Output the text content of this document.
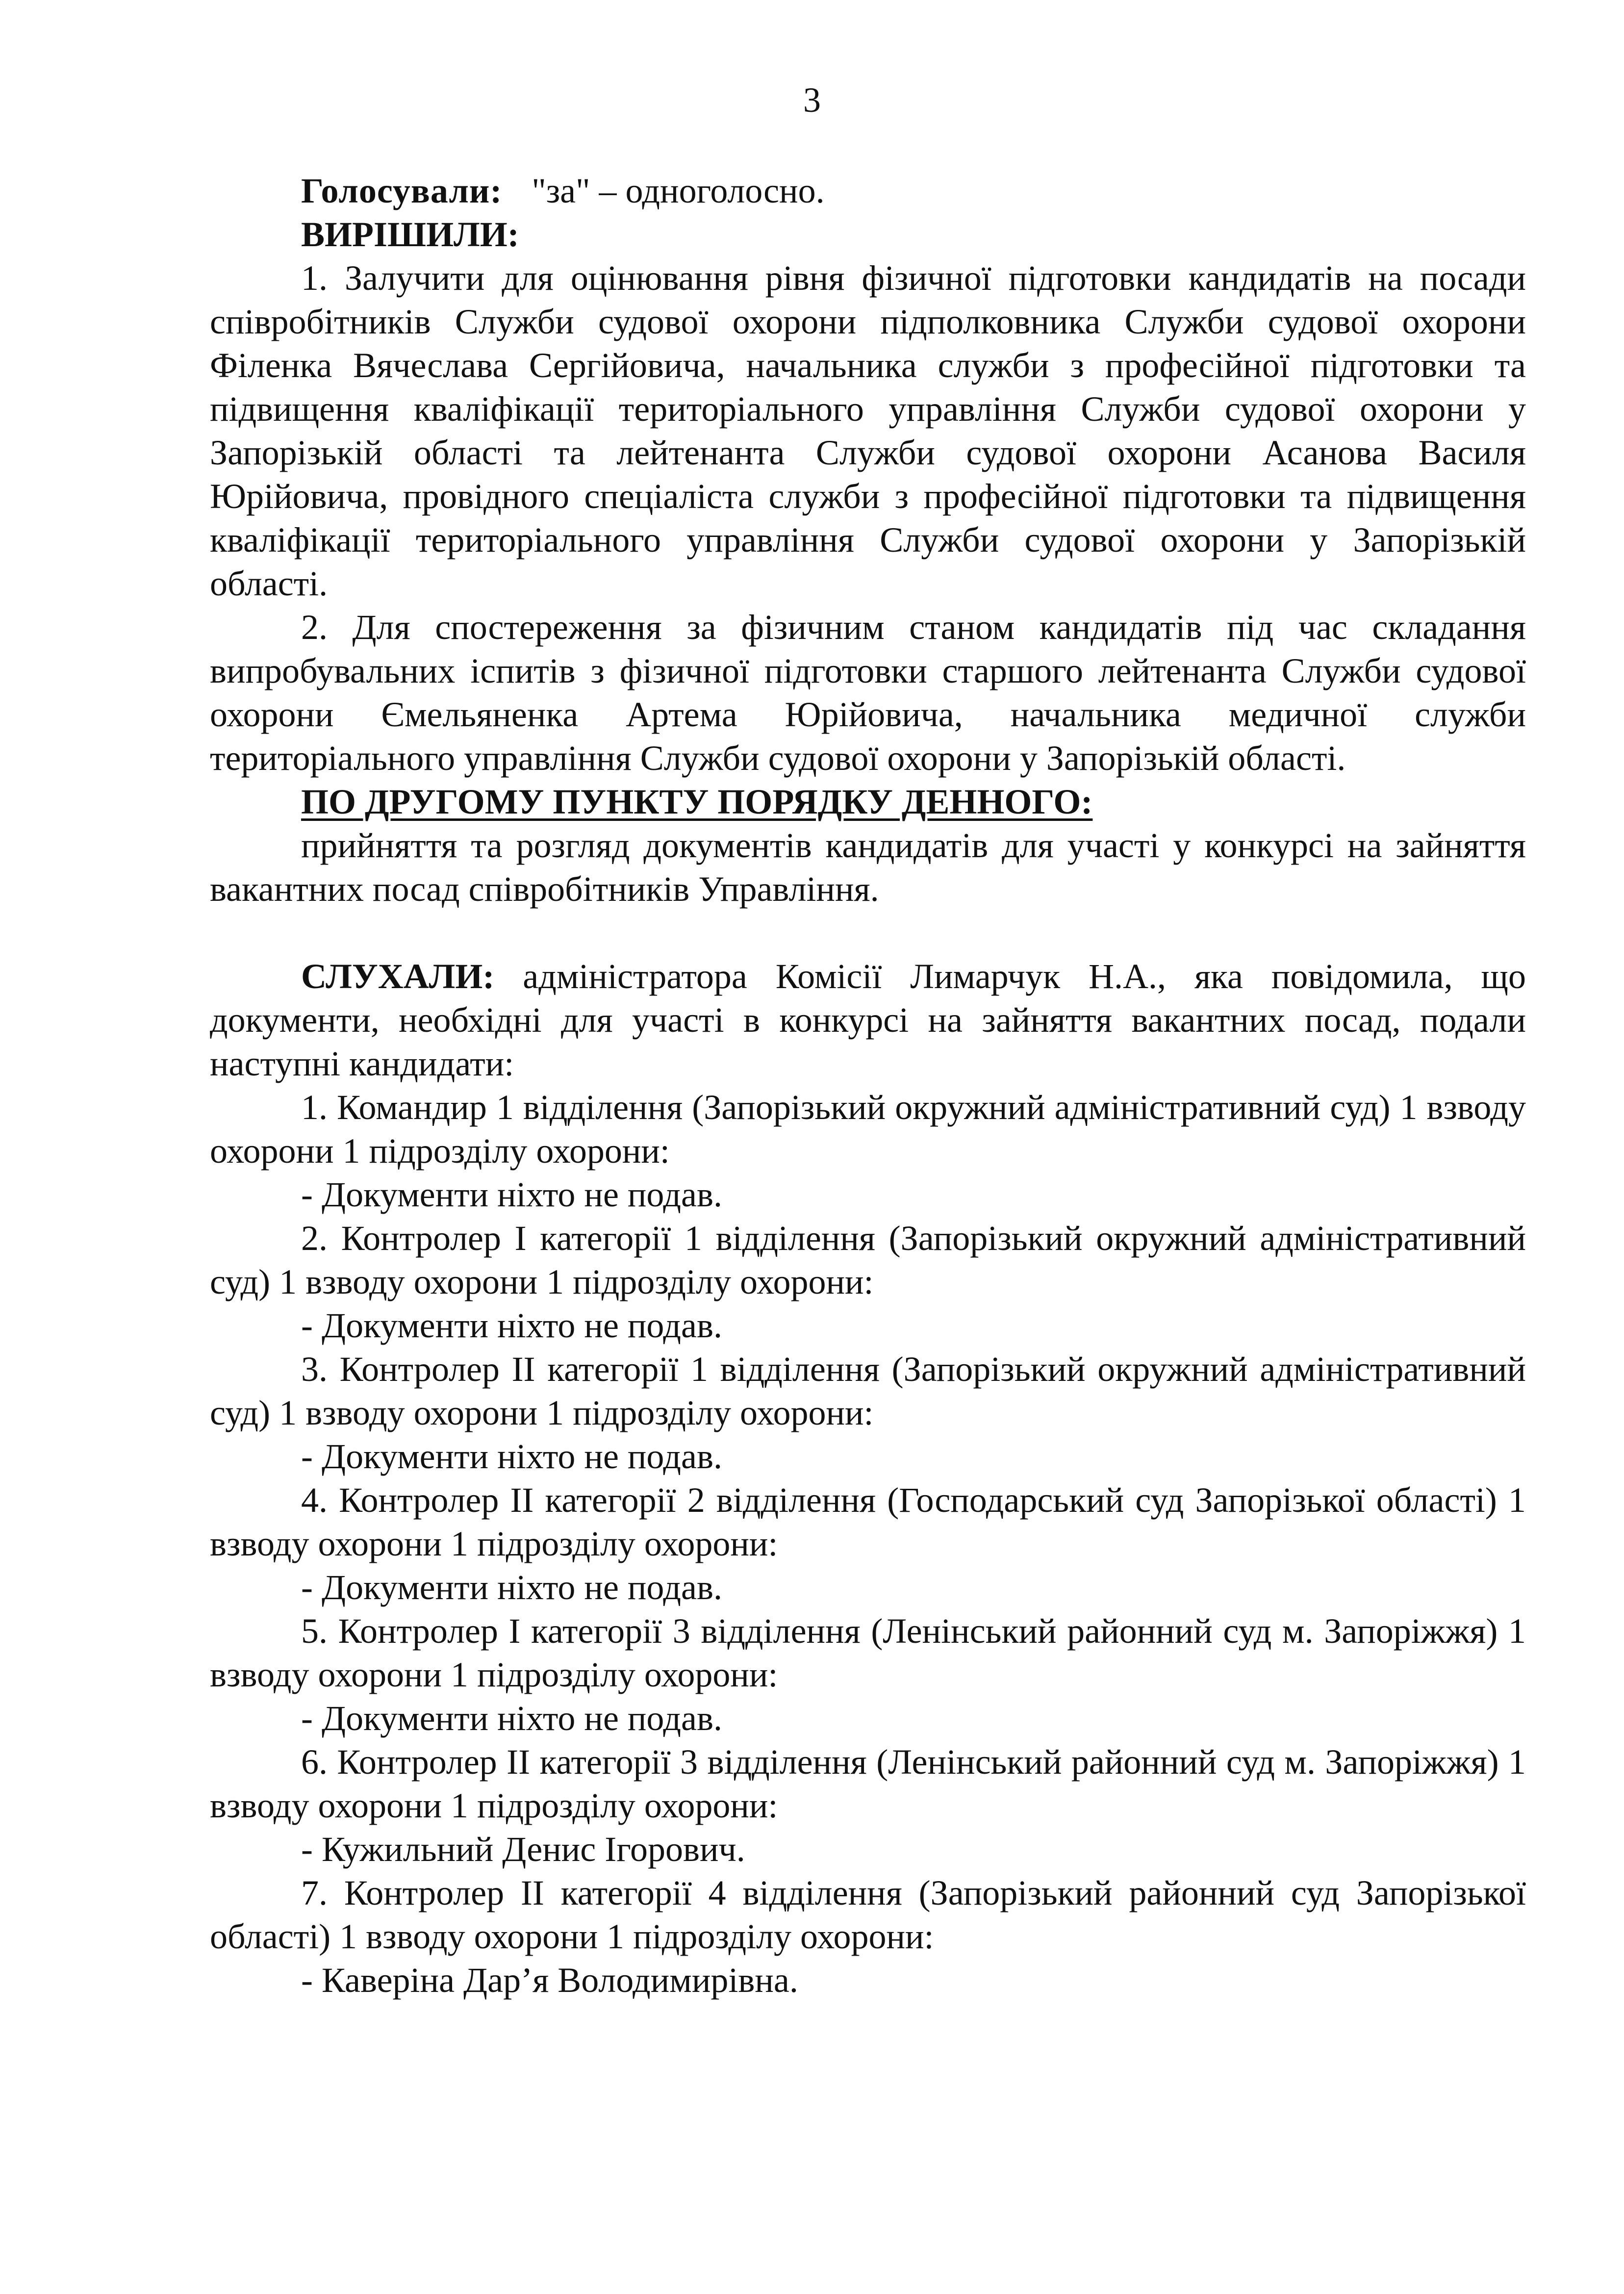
3

Голосували: "за" – одноголосно.

ВИРІШИЛИ:

1. Залучити для оцінювання рівня фізичної підготовки кандидатів на посади співробітників Служби судової охорони підполковника Служби судової охорони Філенка Вячеслава Сергійовича, начальника служби з професійної підготовки та підвищення кваліфікації територіального управління Служби судової охорони у Запорізькій області та лейтенанта Служби судової охорони Асанова Василя Юрійовича, провідного спеціаліста служби з професійної підготовки та підвищення кваліфікації територіального управління Служби судової охорони у Запорізькій області.

2. Для спостереження за фізичним станом кандидатів під час складання випробувальних іспитів з фізичної підготовки старшого лейтенанта Служби судової охорони Ємельяненка Артема Юрійовича, начальника медичної служби територіального управління Служби судової охорони у Запорізькій області.

ПО ДРУГОМУ ПУНКТУ ПОРЯДКУ ДЕННОГО:

прийняття та розгляд документів кандидатів для участі у конкурсі на зайняття вакантних посад співробітників Управління.

СЛУХАЛИ: адміністратора Комісії Лимарчук Н.А., яка повідомила, що документи, необхідні для участі в конкурсі на зайняття вакантних посад, подали наступні кандидати:

1. Командир 1 відділення (Запорізький окружний адміністративний суд) 1 взводу охорони 1 підрозділу охорони:

- Документи ніхто не подав.

2. Контролер І категорії 1 відділення (Запорізький окружний адміністративний суд) 1 взводу охорони 1 підрозділу охорони:

- Документи ніхто не подав.

3. Контролер ІІ категорії 1 відділення (Запорізький окружний адміністративний суд) 1 взводу охорони 1 підрозділу охорони:

- Документи ніхто не подав.

4. Контролер ІІ категорії 2 відділення (Господарський суд Запорізької області) 1 взводу охорони 1 підрозділу охорони:

- Документи ніхто не подав.

5. Контролер І категорії 3 відділення (Ленінський районний суд м. Запоріжжя) 1 взводу охорони 1 підрозділу охорони:

- Документи ніхто не подав.

6. Контролер ІІ категорії 3 відділення (Ленінський районний суд м. Запоріжжя) 1 взводу охорони 1 підрозділу охорони:

- Кужильний Денис Ігорович.

7. Контролер ІІ категорії 4 відділення (Запорізький районний суд Запорізької області) 1 взводу охорони 1 підрозділу охорони:

- Каверіна Дар’я Володимирівна.
